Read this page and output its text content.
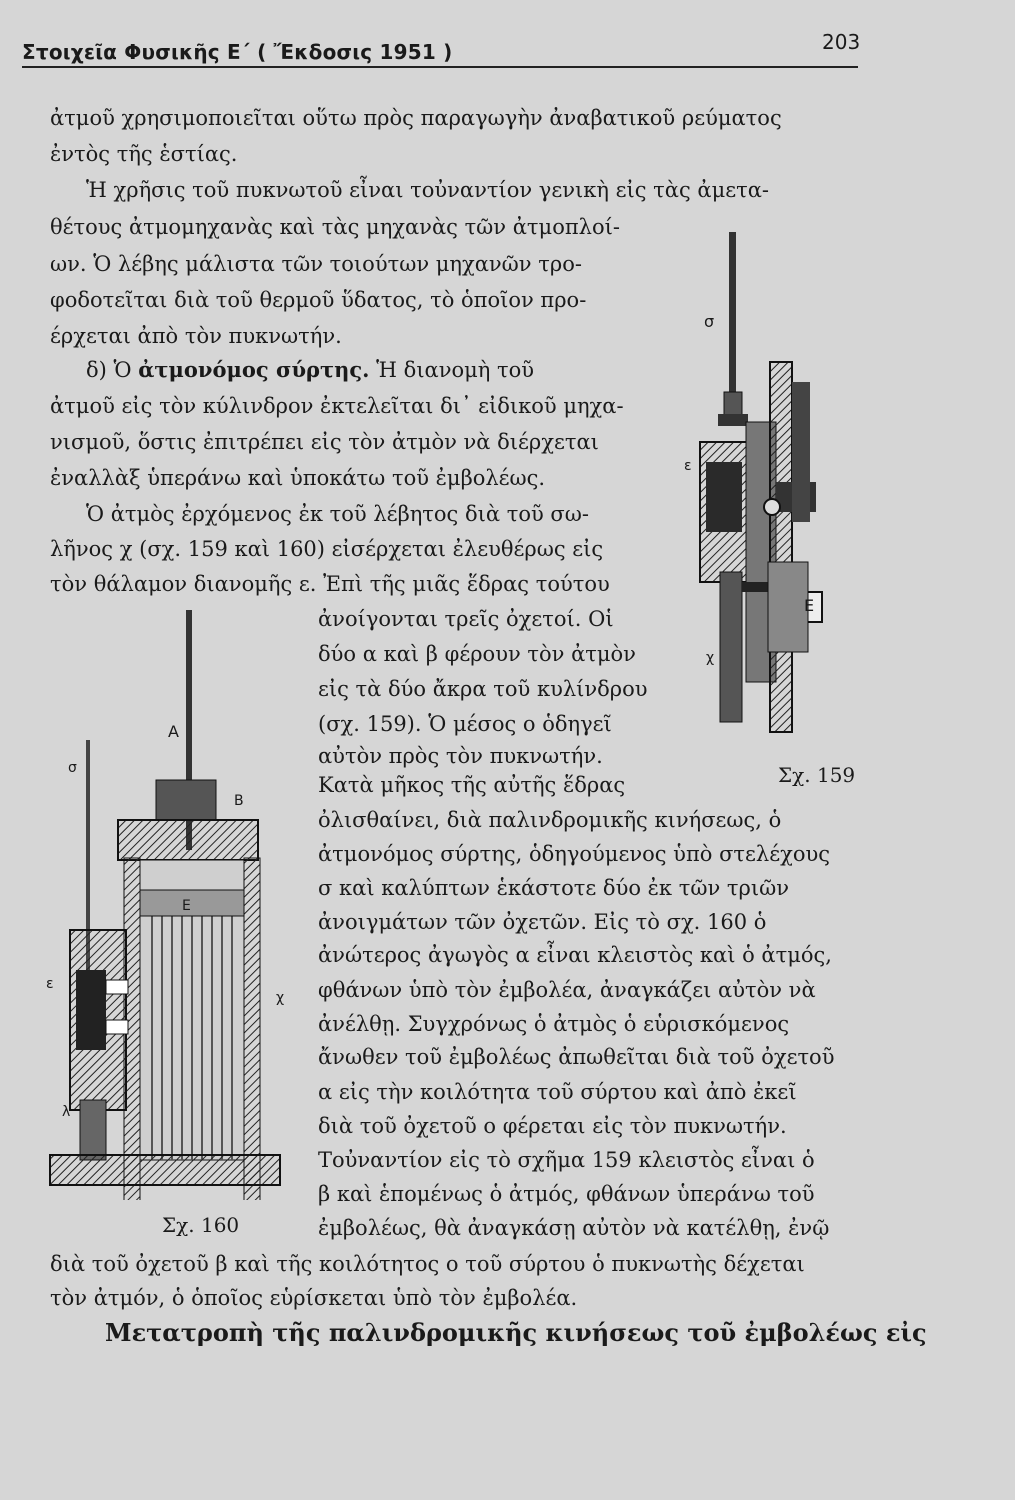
Στοιχεῖα Φυσικῆς Ε΄ ( Ἔκδοσις 1951 )	203
ἀτμοῦ χρησιμοποιεῖται οὕτω πρὸς παραγωγὴν ἀναβατικοῦ ρεύματος
ἐντὸς τῆς ἑστίας.
Ἡ χρῆσις τοῦ πυκνωτοῦ εἶναι τοὐναντίον γενικὴ εἰς τὰς ἀμετα-
θέτους ἀτμομηχανὰς καὶ τὰς μηχανὰς τῶν ἀτμοπλοί-
ων. Ὁ λέβης μάλιστα τῶν τοιούτων μηχανῶν τρο-
φοδοτεῖται διὰ τοῦ θερμοῦ ὕδατος, τὸ ὁποῖον προ-
έρχεται ἀπὸ τὸν πυκνωτήν.
δ) Ὁ ἀτμονόμος σύρτης. Ἡ διανομὴ τοῦ
ἀτμοῦ εἰς τὸν κύλινδρον ἐκτελεῖται δι᾽ εἰδικοῦ μηχα-
νισμοῦ, ὅστις ἐπιτρέπει εἰς τὸν ἀτμὸν νὰ διέρχεται
ἐναλλὰξ ὑπεράνω καὶ ὑποκάτω τοῦ ἐμβολέως.
Ὁ ἀτμὸς ἐρχόμενος ἐκ τοῦ λέβητος διὰ τοῦ σω-
λῆνος χ (σχ. 159 καὶ 160) εἰσέρχεται ἐλευθέρως εἰς
τὸν θάλαμον διανομῆς ε. Ἐπὶ τῆς μιᾶς ἕδρας τούτου
ἀνοίγονται τρεῖς ὀχετοί. Οἱ
δύο α καὶ β φέρουν τὸν ἀτμὸν
εἰς τὰ δύο ἄκρα τοῦ κυλίνδρου
(σχ. 159). Ὁ μέσος ο ὁδηγεῖ
αὐτὸν πρὸς τὸν πυκνωτήν.
Κατὰ μῆκος τῆς αὐτῆς ἕδρας
ὀλισθαίνει, διὰ παλινδρομικῆς κινήσεως, ὁ
ἀτμονόμος σύρτης, ὁδηγούμενος ὑπὸ στελέχους
σ καὶ καλύπτων ἑκάστοτε δύο ἐκ τῶν τριῶν
ἀνοιγμάτων τῶν ὀχετῶν. Εἰς τὸ σχ. 160 ὁ
ἀνώτερος ἀγωγὸς α εἶναι κλειστὸς καὶ ὁ ἀτμός,
φθάνων ὑπὸ τὸν ἐμβολέα, ἀναγκάζει αὐτὸν νὰ
ἀνέλθῃ. Συγχρόνως ὁ ἀτμὸς ὁ εὑρισκόμενος
ἄνωθεν τοῦ ἐμβολέως ἀπωθεῖται διὰ τοῦ ὀχετοῦ
α εἰς τὴν κοιλότητα τοῦ σύρτου καὶ ἀπὸ ἐκεῖ
διὰ τοῦ ὀχετοῦ ο φέρεται εἰς τὸν πυκνωτήν.
Τοὐναντίον εἰς τὸ σχῆμα 159 κλειστὸς εἶναι ὁ
β καὶ ἑπομένως ὁ ἀτμός, φθάνων ὑπεράνω τοῦ
ἐμβολέως, θὰ ἀναγκάσῃ αὐτὸν νὰ κατέλθῃ, ἐνῷ
διὰ τοῦ ὀχετοῦ β καὶ τῆς κοιλότητος ο τοῦ σύρτου ὁ πυκνωτὴς δέχεται
τὸν ἀτμόν, ὁ ὁποῖος εὑρίσκεται ὑπὸ τὸν ἐμβολέα.
Μετατροπὴ τῆς παλινδρομικῆς κινήσεως τοῦ ἐμβολέως εἰς
σ
ε
E
χ
Σχ. 159
Α
Β
σ
Ε
ε
χ
λ
Σχ. 160
